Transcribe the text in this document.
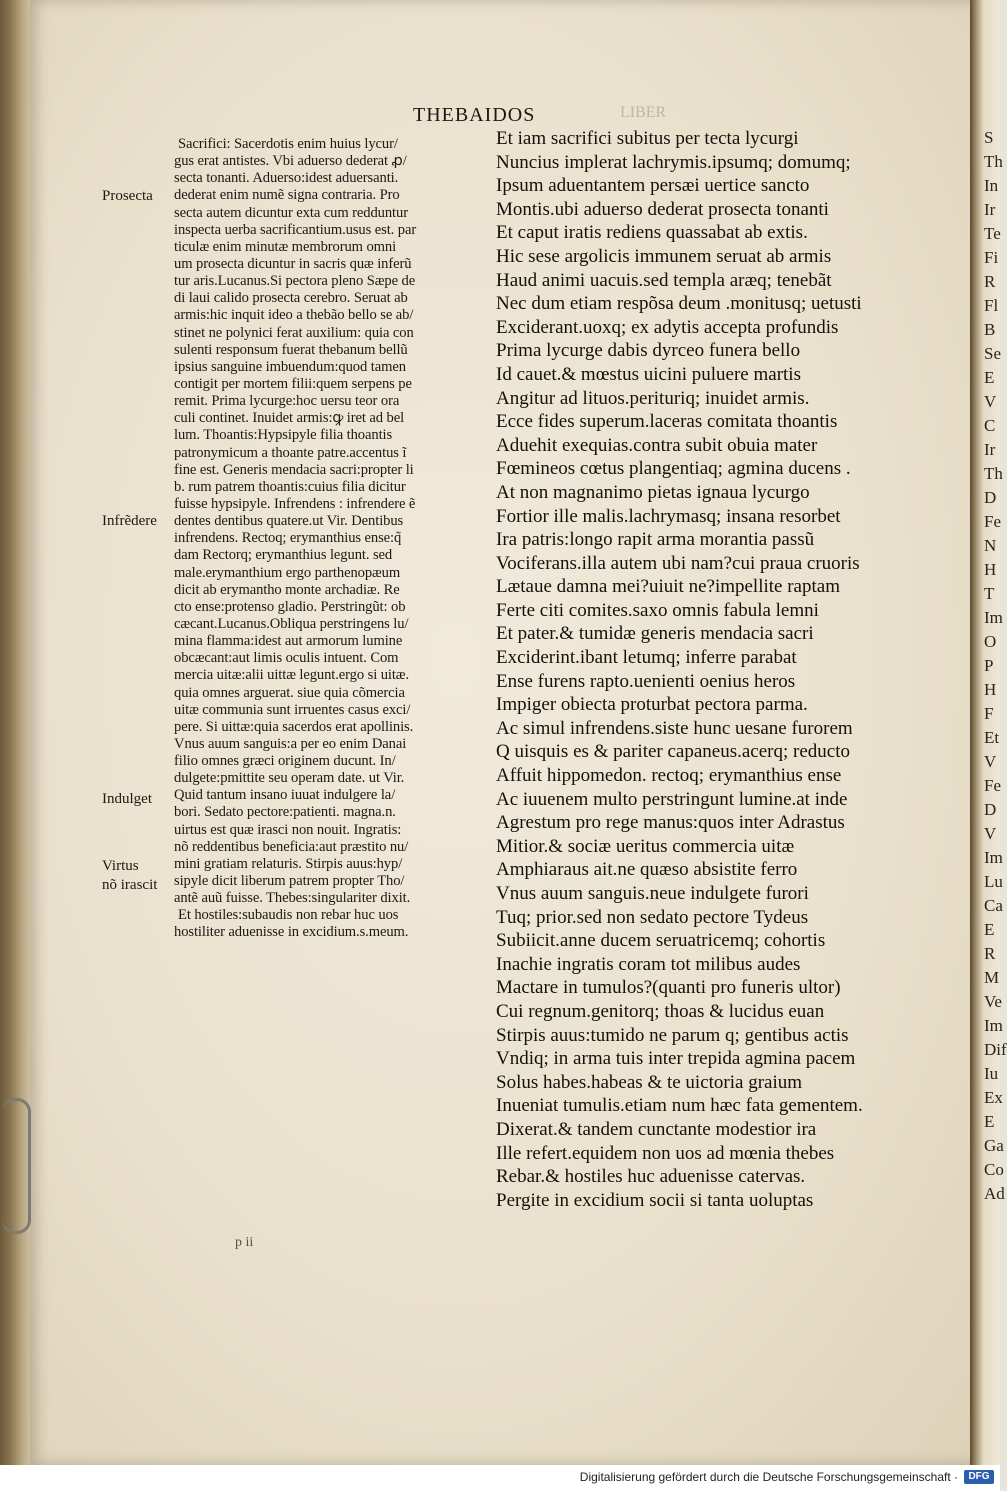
LIBER
S
Th
In
Ir
Te
Fi
R
Fl
B
Se
E
V
C
Ir
Th
D
Fe
N
H
T
Im
O
P
H
F
Et
V
Fe
D
V
Im
Lu
Ca
E
R
M
Ve
Im
Dif
Iu
Ex
E
Ga
Co
Ad
THEBAIDOS
Prosecta
Infrẽdere
Indulget
Virtus
nõ irascit
Sacrifici: Sacerdotis enim huius lycur/
gus erat antistes. Vbi aduerso dederat ꝓ/
secta tonanti. Aduerso:idest aduersanti.
dederat enim numẽ signa contraria. Pro
secta autem dicuntur exta cum redduntur
inspecta uerba sacrificantium.usus est. par
ticulæ enim minutæ membrorum omni
um prosecta dicuntur in sacris quæ inferũ
tur aris.Lucanus.Si pectora pleno Sæpe de
di laui calido prosecta cerebro. Seruat ab
armis:hic inquit ideo a thebão bello se ab/
stinet ne polynici ferat auxilium: quia con
sulenti responsum fuerat thebanum bellũ
ipsius sanguine imbuendum:quod tamen
contigit per mortem filii:quem serpens pe
remit. Prima lycurge:hoc uersu teor ora
culi continet. Inuidet armis:ꝙ iret ad bel
lum. Thoantis:Hypsipyle filia thoantis
patronymicum a thoante patre.accentus ĩ
fine est. Generis mendacia sacri:propter li
b. rum patrem thoantis:cuius filia dicitur
fuisse hypsipyle. Infrendens : infrendere ẽ
dentes dentibus quatere.ut Vir. Dentibus
infrendens. Rectoq; erymanthius ense:q̃
dam Rectorq; erymanthius legunt. sed
male.erymanthium ergo parthenopæum
dicit ab erymantho monte archadiæ. Re
cto ense:protenso gladio. Perstringũt: ob
cæcant.Lucanus.Obliqua perstringens lu/
mina flamma:idest aut armorum lumine
obcæcant:aut limis oculis intuent. Com
mercia uitæ:alii uittæ legunt.ergo si uitæ.
quia omnes arguerat. siue quia cõmercia
uitæ communia sunt irruentes casus exci/
pere. Si uittæ:quia sacerdos erat apollinis.
Vnus auum sanguis:a per eo enim Danai
filio omnes græci originem ducunt. In/
dulgete:pmittite seu operam date. ut Vir.
Quid tantum insano iuuat indulgere la/
bori. Sedato pectore:patienti. magna.n.
uirtus est quæ irasci non nouit. Ingratis:
nõ reddentibus beneficia:aut præstito nu/
mini gratiam relaturis. Stirpis auus:hyp/
sipyle dicit liberum patrem propter Tho/
antẽ auũ fuisse. Thebes:singulariter dixit.
Et hostiles:subaudis non rebar huc uos
hostiliter aduenisse in excidium.s.meum.
Et iam sacrifici subitus per tecta lycurgi
Nuncius implerat lachrymis.ipsumq; domumq;
Ipsum aduentantem persæi uertice sancto
Montis.ubi aduerso dederat prosecta tonanti
Et caput iratis rediens quassabat ab extis.
Hic sese argolicis immunem seruat ab armis
Haud animi uacuis.sed templa aræq; tenebãt
Nec dum etiam respõsa deum .monitusq; uetusti
Exciderant.uoxq; ex adytis accepta profundis
Prima lycurge dabis dyrceo funera bello
Id cauet.& mœstus uicini puluere martis
Angitur ad lituos.perituriq; inuidet armis.
Ecce fides superum.laceras comitata thoantis
Aduehit exequias.contra subit obuia mater
Fœmineos cœtus plangentiaq; agmina ducens .
At non magnanimo pietas ignaua lycurgo
Fortior ille malis.lachrymasq; insana resorbet
Ira patris:longo rapit arma morantia passũ
Vociferans.illa autem ubi nam?cui praua cruoris
Lætaue damna mei?uiuit ne?impellite raptam
Ferte citi comites.saxo omnis fabula lemni
Et pater.& tumidæ generis mendacia sacri
Exciderint.ibant letumq; inferre parabat
Ense furens rapto.uenienti oenius heros
Impiger obiecta proturbat pectora parma.
Ac simul infrendens.siste hunc uesane furorem
Q uisquis es & pariter capaneus.acerq; reducto
Affuit hippomedon. rectoq; erymanthius ense
Ac iuuenem multo perstringunt lumine.at inde
Agrestum pro rege manus:quos inter Adrastus
Mitior.& sociæ ueritus commercia uitæ
Amphiaraus ait.ne quæso absistite ferro
Vnus auum sanguis.neue indulgete furori
Tuq; prior.sed non sedato pectore Tydeus
Subiicit.anne ducem seruatricemq; cohortis
Inachie ingratis coram tot milibus audes
Mactare in tumulos?(quanti pro funeris ultor)
Cui regnum.genitorq; thoas & lucidus euan
Stirpis auus:tumido ne parum q; gentibus actis
Vndiq; in arma tuis inter trepida agmina pacem
Solus habes.habeas & te uictoria graium
Inueniat tumulis.etiam num hæc fata gementem.
Dixerat.& tandem cunctante modestior ira
Ille refert.equidem non uos ad mœnia thebes
Rebar.& hostiles huc aduenisse catervas.
Pergite in excidium socii si tanta uoluptas
p ii
Digitalisierung gefördert durch die Deutsche Forschungsgemeinschaft ·	DFG
